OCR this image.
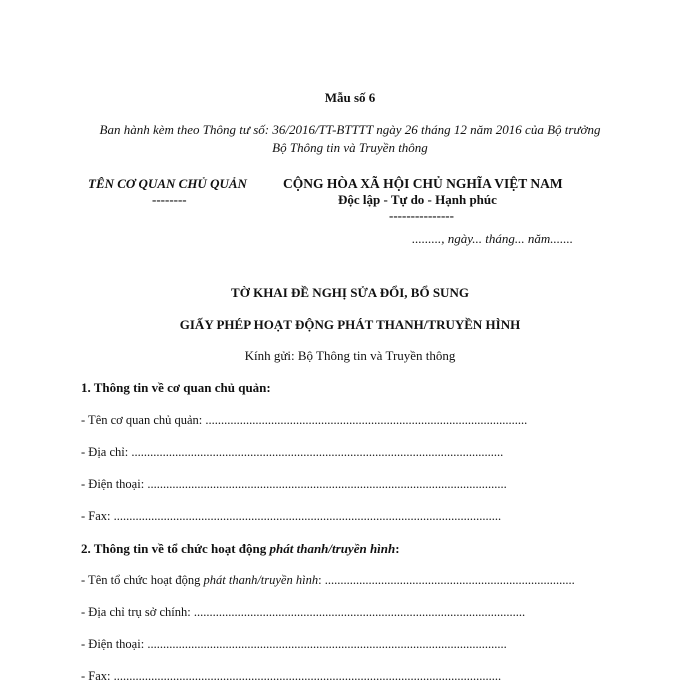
Mẫu số 6
Ban hành kèm theo Thông tư số: 36/2016/TT-BTTTT ngày 26 tháng 12 năm 2016 của Bộ trưởng
Bộ Thông tin và Truyền thông
TÊN CƠ QUAN CHỦ QUẢN
--------
CỘNG HÒA XÃ HỘI CHỦ NGHĨA VIỆT NAM
Độc lập - Tự do - Hạnh phúc
---------------
........., ngày... tháng... năm.......
TỜ KHAI ĐỀ NGHỊ SỬA ĐỔI, BỔ SUNG
GIẤY PHÉP HOẠT ĐỘNG PHÁT THANH/TRUYỀN HÌNH
Kính gửi: Bộ Thông tin và Truyền thông
1. Thông tin về cơ quan chủ quản:
- Tên cơ quan chủ quản: .......................................................................................................
- Địa chỉ: .......................................................................................................................
- Điện thoại: ...................................................................................................................
- Fax: ............................................................................................................................
2. Thông tin về tổ chức hoạt động phát thanh/truyền hình:
- Tên tổ chức hoạt động phát thanh/truyền hình: ................................................................................
- Địa chỉ trụ sở chính: ..........................................................................................................
- Điện thoại: ...................................................................................................................
- Fax: ............................................................................................................................
